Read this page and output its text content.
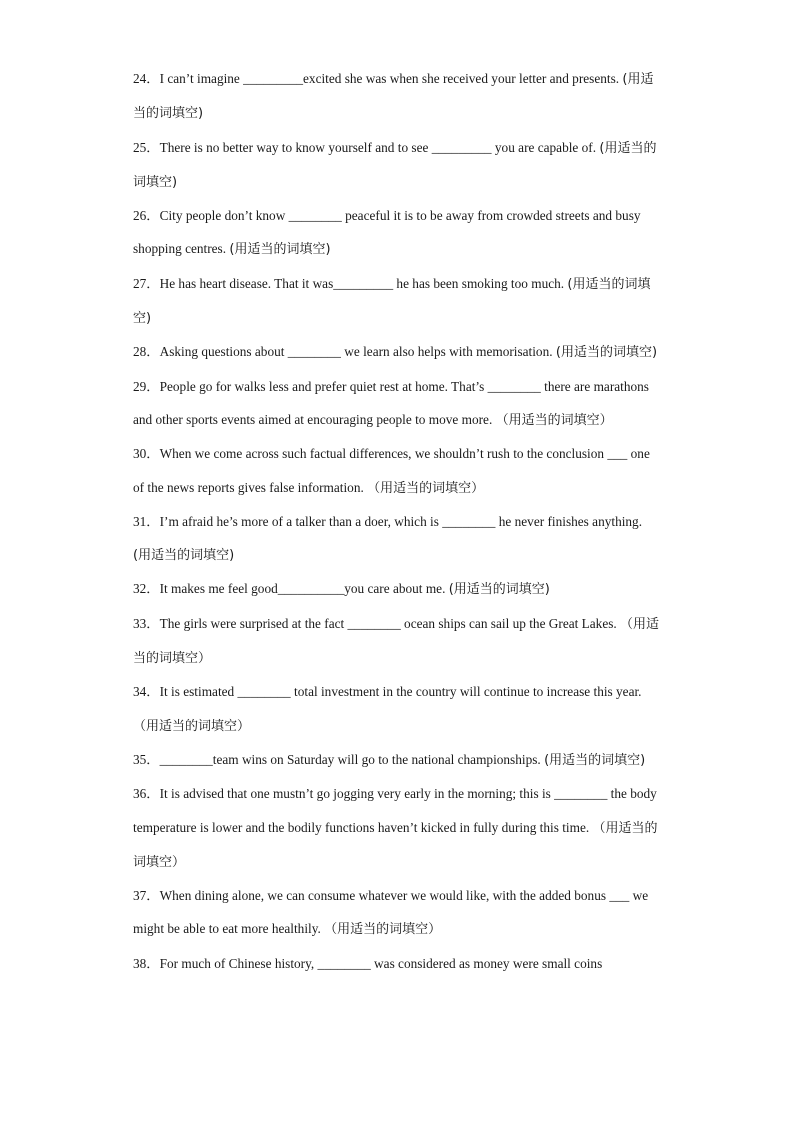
24．I can’t imagine _________excited she was when she received your letter and presents. (用适当的词填空)
25．There is no better way to know yourself and to see _________ you are capable of. (用适当的词填空)
26．City people don’t know ________ peaceful it is to be away from crowded streets and busy shopping centres. (用适当的词填空)
27．He has heart disease. That it was_________ he has been smoking too much. (用适当的词填空)
28．Asking questions about ________ we learn also helps with memorisation. (用适当的词填空)
29．People go for walks less and prefer quiet rest at home. That’s ________ there are marathons and other sports events aimed at encouraging people to move more. （用适当的词填空）
30．When we come across such factual differences, we shouldn’t rush to the conclusion ___ one of the news reports gives false information. （用适当的词填空）
31．I’m afraid he’s more of a talker than a doer, which is ________ he never finishes anything. (用适当的词填空)
32．It makes me feel good__________you care about me. (用适当的词填空)
33．The girls were surprised at the fact ________ ocean ships can sail up the Great Lakes. （用适当的词填空）
34．It is estimated ________ total investment in the country will continue to increase this year. （用适当的词填空）
35．________team wins on Saturday will go to the national championships. (用适当的词填空)
36．It is advised that one mustn’t go jogging very early in the morning; this is ________ the body temperature is lower and the bodily functions haven’t kicked in fully during this time. （用适当的词填空）
37．When dining alone, we can consume whatever we would like, with the added bonus ___ we might be able to eat more healthily. （用适当的词填空）
38．For much of Chinese history, ________ was considered as money were small coins
